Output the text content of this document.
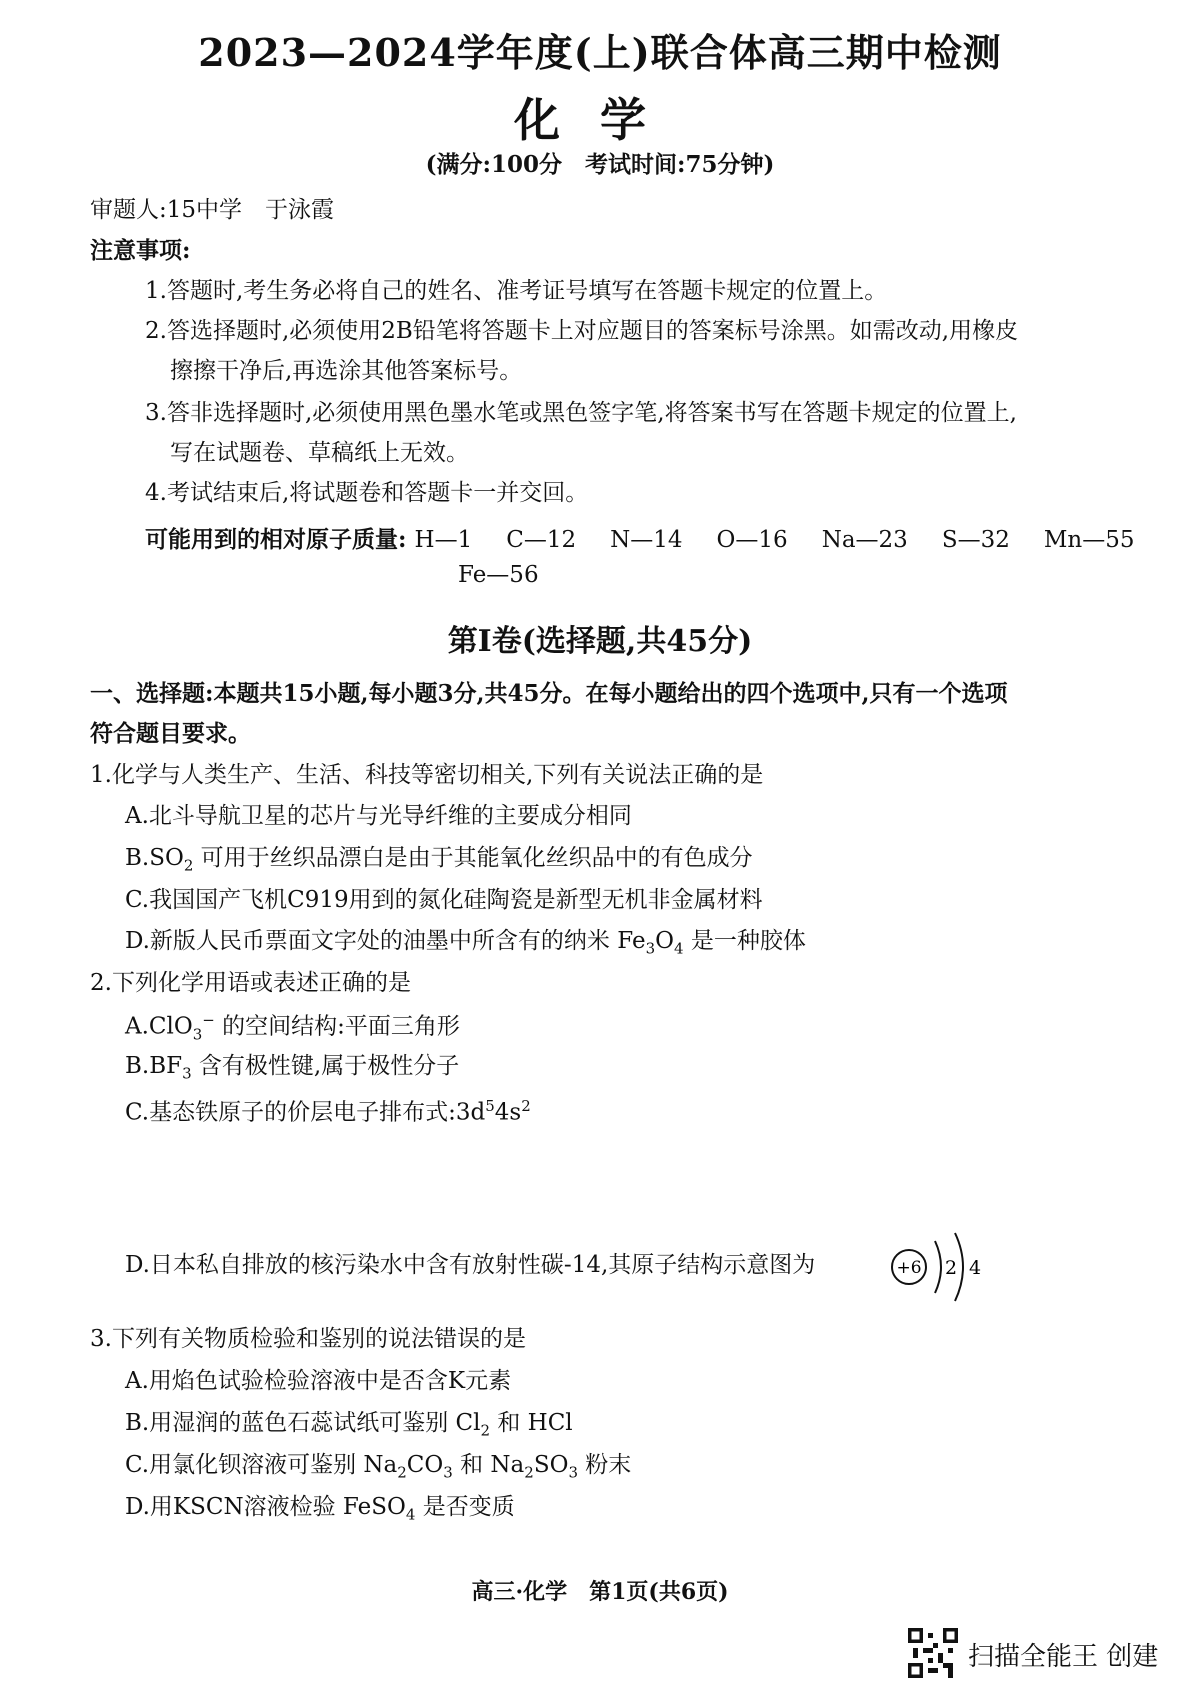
2023—2024学年度(上)联合体高三期中检测
化学
(满分:100分　考试时间:75分钟)
审题人:15中学　于泳霞
注意事项:
1.答题时,考生务必将自己的姓名、准考证号填写在答题卡规定的位置上。
2.答选择题时,必须使用2B铅笔将答题卡上对应题目的答案标号涂黑。如需改动,用橡皮
擦擦干净后,再选涂其他答案标号。
3.答非选择题时,必须使用黑色墨水笔或黑色签字笔,将答案书写在答题卡规定的位置上,
写在试题卷、草稿纸上无效。
4.考试结束后,将试题卷和答题卡一并交回。
可能用到的相对原子质量: H—1 C—12 N—14 O—16 Na—23 S—32 Mn—55
Fe—56
第Ⅰ卷(选择题,共45分)
一、选择题:本题共15小题,每小题3分,共45分。在每小题给出的四个选项中,只有一个选项
符合题目要求。
1.化学与人类生产、生活、科技等密切相关,下列有关说法正确的是
A.北斗导航卫星的芯片与光导纤维的主要成分相同
$B.SO_2$ 可用于丝织品漂白是由于其能氧化丝织品中的有色成分
C.我国国产飞机C919用到的氮化硅陶瓷是新型无机非金属材料
D.新版人民币票面文字处的油墨中所含有的纳米 $Fe_3O_4$ 是一种胶体
2.下列化学用语或表述正确的是
A.ClO$_3$− 的空间结构:平面三角形
$B.BF_3$ 含有极性键,属于极性分子
C.基态铁原子的价层电子排布式$:3d^54s^2$
D.日本私自排放的核污染水中含有放射性碳-14,其原子结构示意图为	+6 2 4
3.下列有关物质检验和鉴别的说法错误的是
A.用焰色试验检验溶液中是否含K元素
B.用湿润的蓝色石蕊试纸可鉴别 $Cl_2$ 和 HCl
C.用氯化钡溶液可鉴别 $Na_2CO_3$ 和 $Na_2SO_3$ 粉末
D.用KSCN溶液检验 FeSO$_4$ 是否变质
高三·化学　第1页(共6页)
扫描全能王 创建
